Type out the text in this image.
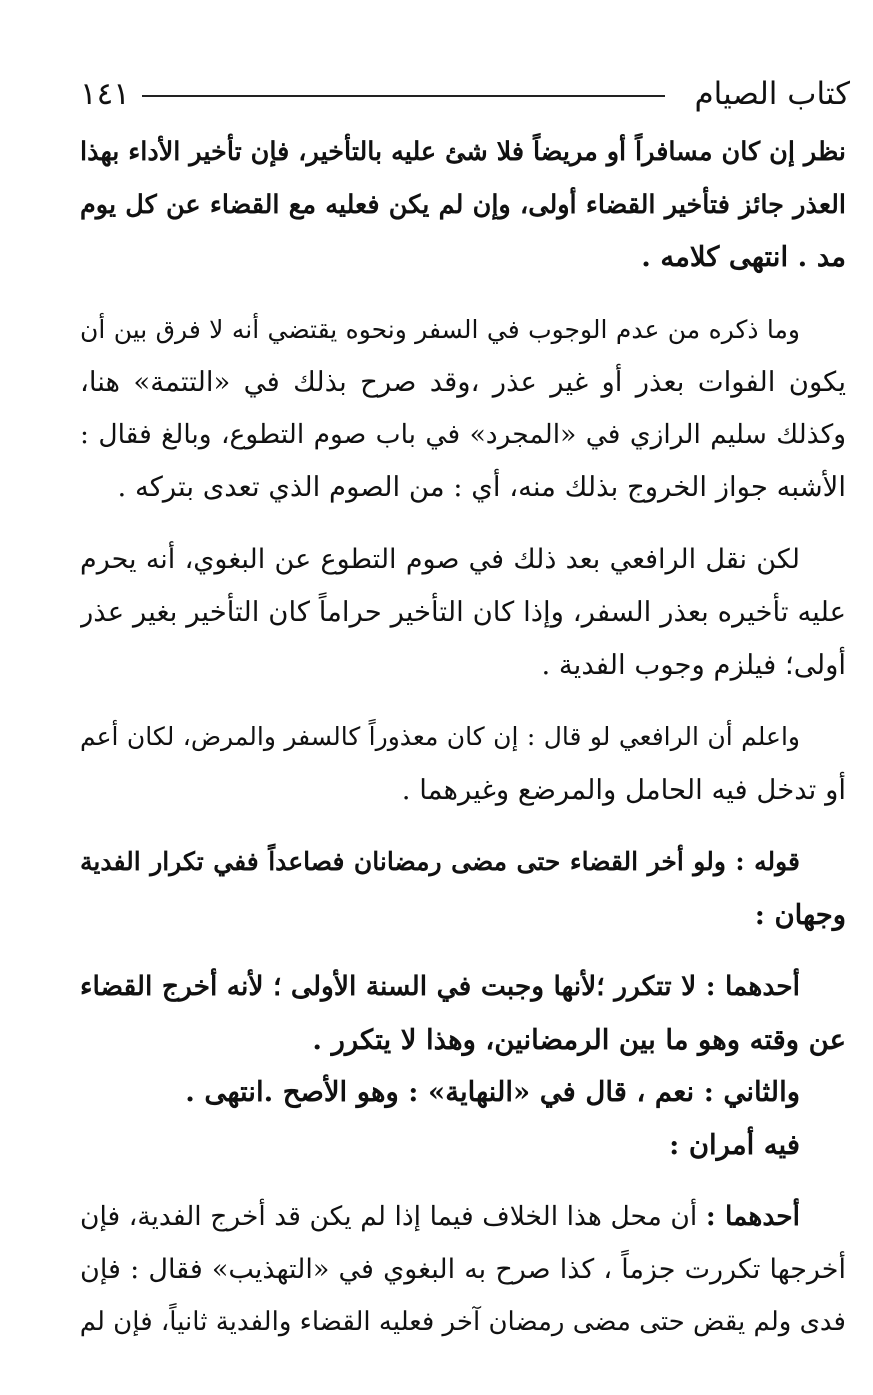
كتاب الصيام
١٤١
نظر إن كان مسافراً أو مريضاً فلا شئ عليه بالتأخير، فإن تأخير الأداء بهذا
العذر جائز فتأخير القضاء أولى، وإن لم يكن فعليه مع القضاء عن كل يوم
مد . انتهى كلامه .
وما ذكره من عدم الوجوب في السفر ونحوه يقتضي أنه لا فرق بين أن
يكون الفوات بعذر أو غير عذر ،وقد صرح بذلك في «التتمة» هنا،
وكذلك سليم الرازي في «المجرد» في باب صوم التطوع، وبالغ فقال :
الأشبه جواز الخروج بذلك منه، أي : من الصوم الذي تعدى بتركه .
لكن نقل الرافعي بعد ذلك في صوم التطوع عن البغوي، أنه يحرم
عليه تأخيره بعذر السفر، وإذا كان التأخير حراماً كان التأخير بغير عذر
أولى؛ فيلزم وجوب الفدية .
واعلم أن الرافعي لو قال : إن كان معذوراً كالسفر والمرض، لكان أعم
أو تدخل فيه الحامل والمرضع وغيرهما .
قوله : ولو أخر القضاء حتى مضى رمضانان فصاعداً ففي تكرار الفدية
وجهان :
أحدهما : لا تتكرر ؛لأنها وجبت في السنة الأولى ؛ لأنه أخرج القضاء
عن وقته وهو ما بين الرمضانين، وهذا لا يتكرر .
والثاني : نعم ، قال في «النهاية» : وهو الأصح .انتهى .
فيه أمران :
أحدهما : أن محل هذا الخلاف فيما إذا لم يكن قد أخرج الفدية، فإن
أخرجها تكررت جزماً ، كذا صرح به البغوي في «التهذيب» فقال : فإن
فدى ولم يقض حتى مضى رمضان آخر فعليه القضاء والفدية ثانياً، فإن لم
